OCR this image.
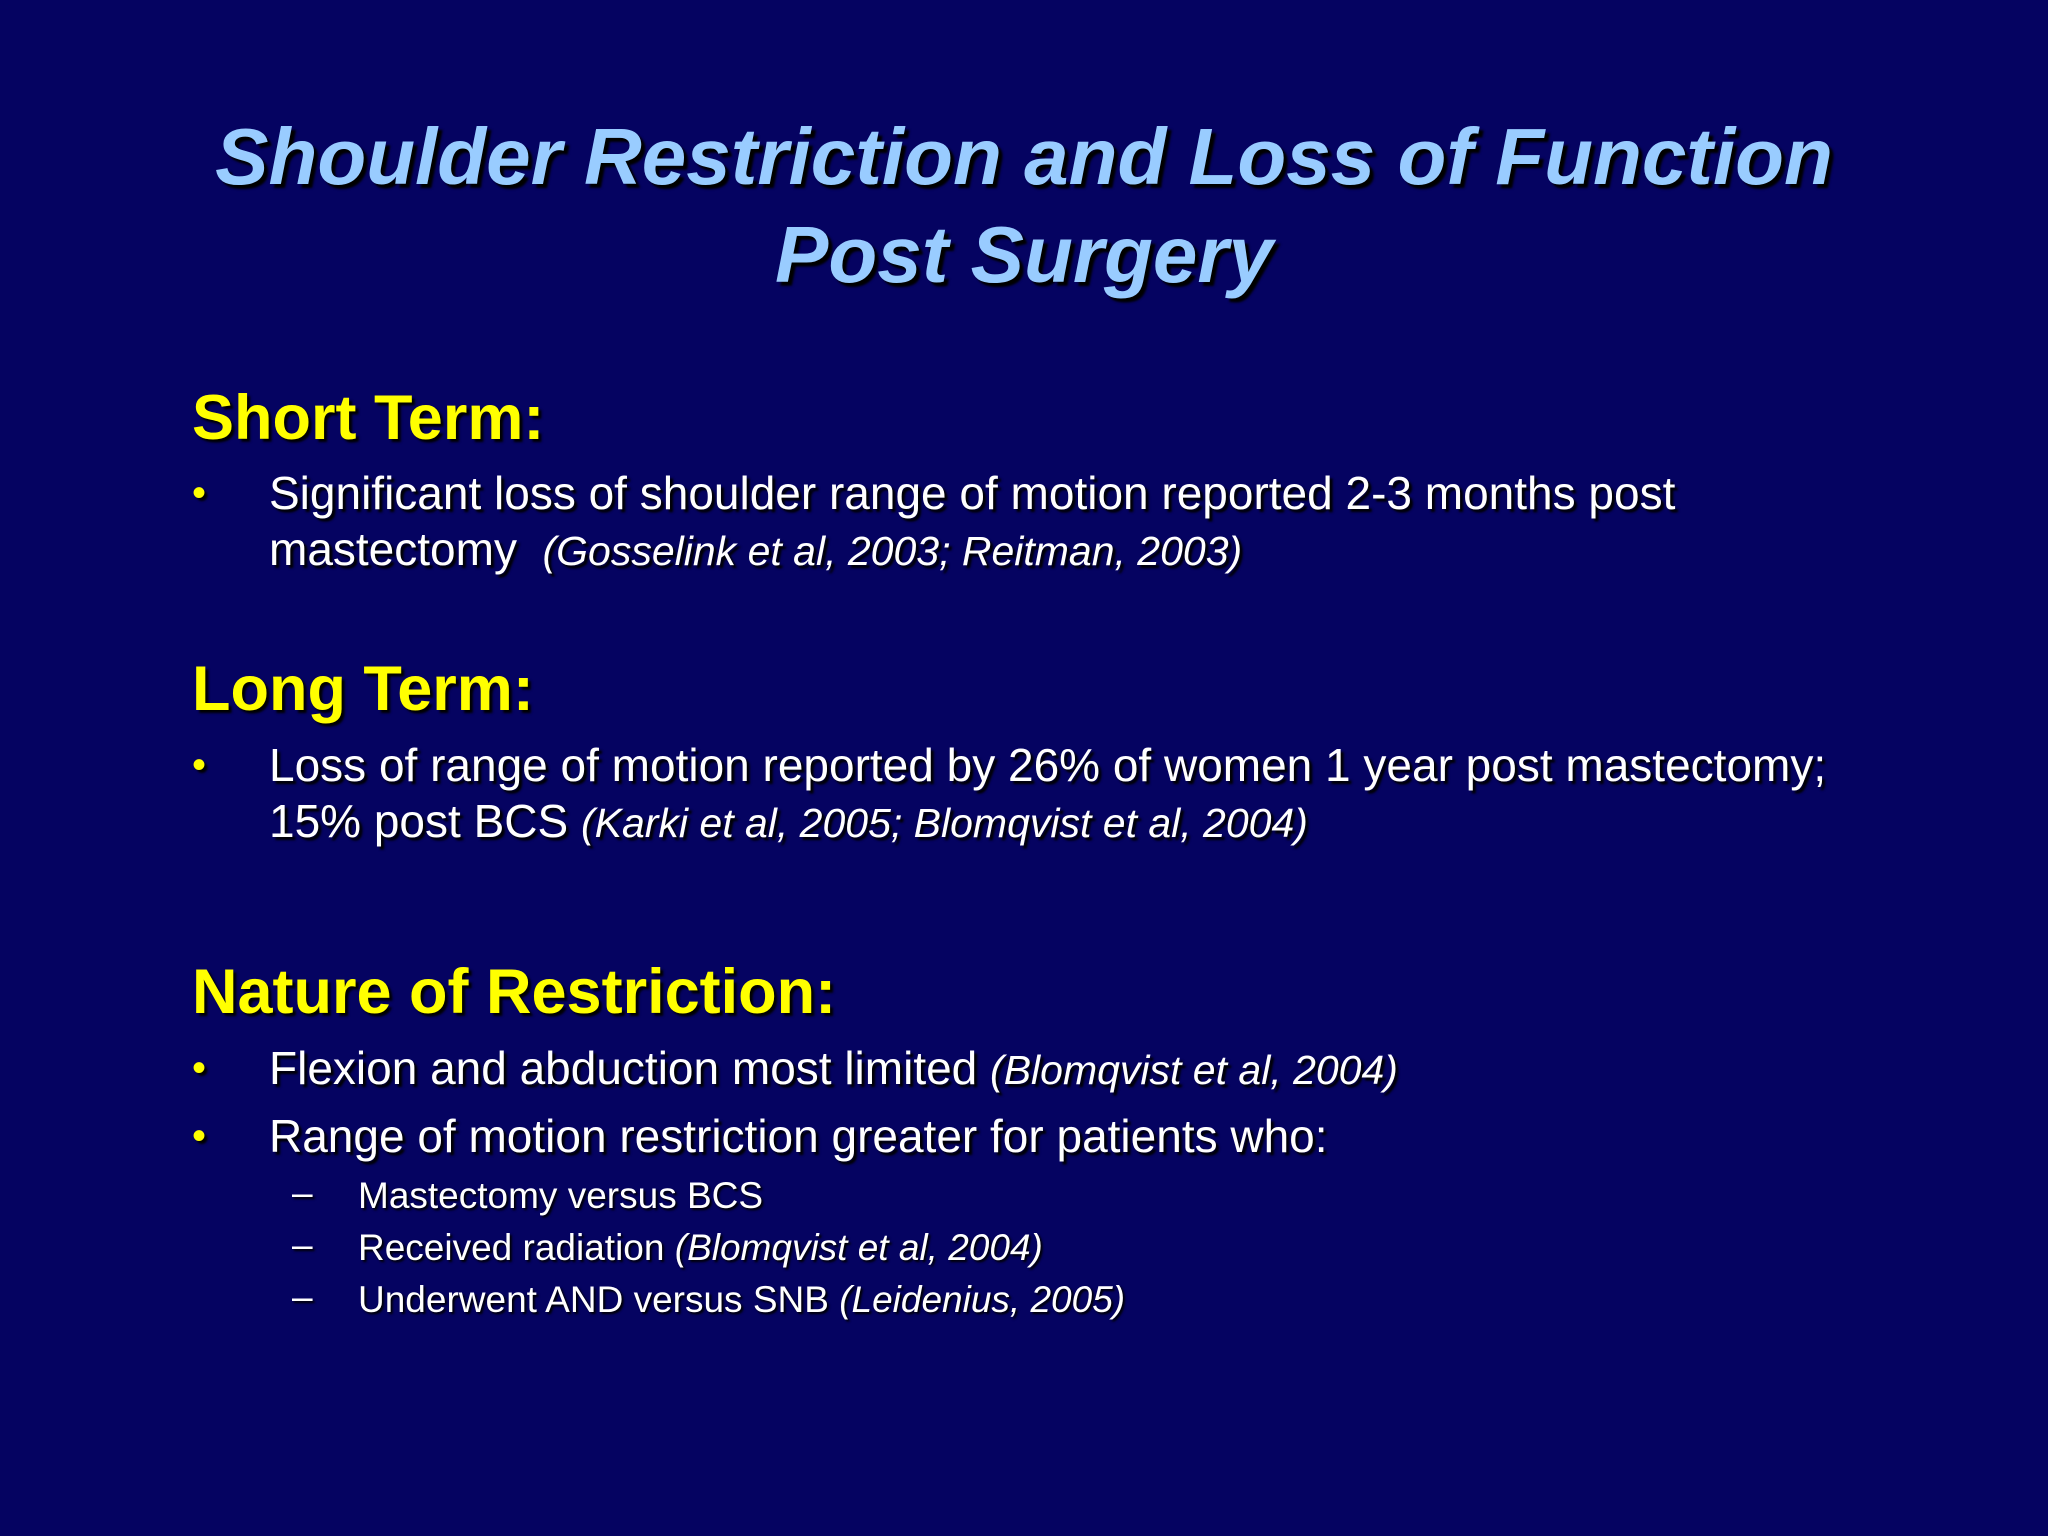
Shoulder Restriction and Loss of Function
Post Surgery
Short Term:
• Significant loss of shoulder range of motion reported 2-3 months post mastectomy (Gosselink et al, 2003; Reitman, 2003)
Long Term:
• Loss of range of motion reported by 26% of women 1 year post mastectomy; 15% post BCS (Karki et al, 2005; Blomqvist et al, 2004)
Nature of Restriction:
• Flexion and abduction most limited (Blomqvist et al, 2004)
• Range of motion restriction greater for patients who:
– Mastectomy versus BCS
– Received radiation (Blomqvist et al, 2004)
– Underwent AND versus SNB (Leidenius, 2005)
